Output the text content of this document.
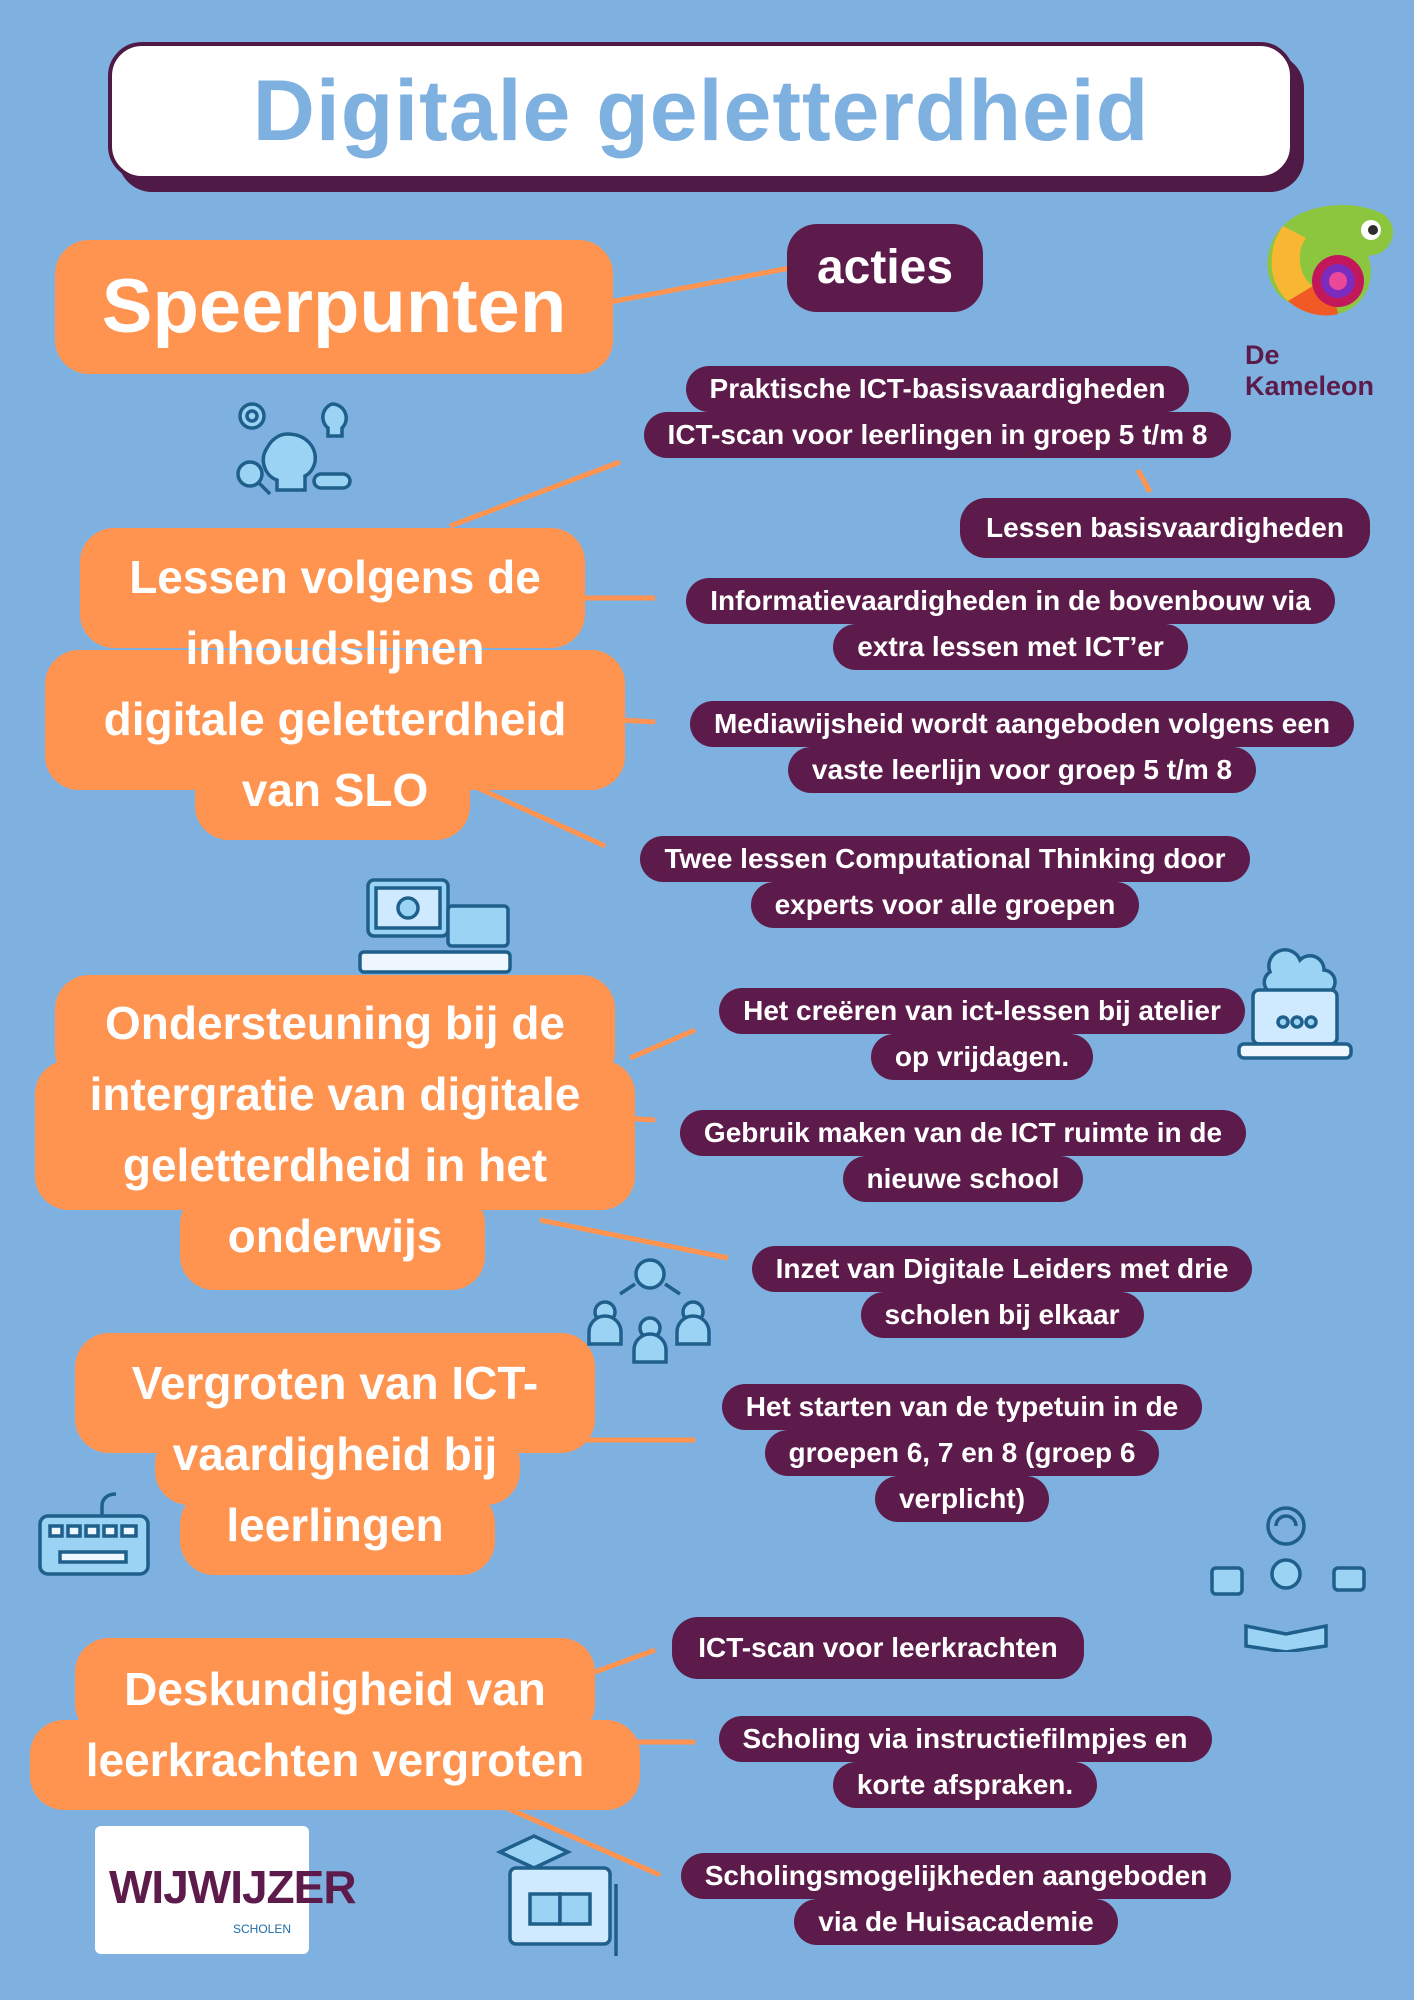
Digitale geletterdheid
Speerpunten	acties
De Kameleon
Lessen volgens de
inhoudslijnen
digitale geletterdheid
van SLO
Ondersteuning bij de
intergratie van digitale
geletterdheid in het
onderwijs
Vergroten van ICT-
vaardigheid bij
leerlingen
Deskundigheid van
leerkrachten vergroten
Praktische ICT-basisvaardigheden
ICT-scan voor leerlingen in groep 5 t/m 8
Lessen basisvaardigheden
Informatievaardigheden in de bovenbouw via
extra lessen met ICT’er
Mediawijsheid wordt aangeboden volgens een
vaste leerlijn voor groep 5 t/m 8
Twee lessen Computational Thinking door
experts voor alle groepen
Het creëren van ict-lessen bij atelier
op vrijdagen.
Gebruik maken van de ICT ruimte in de
nieuwe school
Inzet van Digitale Leiders met drie
scholen bij elkaar
Het starten van de typetuin in de
groepen 6, 7 en 8 (groep 6
verplicht)
ICT-scan voor leerkrachten
Scholing via instructiefilmpjes en
korte afspraken.
Scholingsmogelijkheden aangeboden
via de Huisacademie
WIJWIJZER
SCHOLEN
